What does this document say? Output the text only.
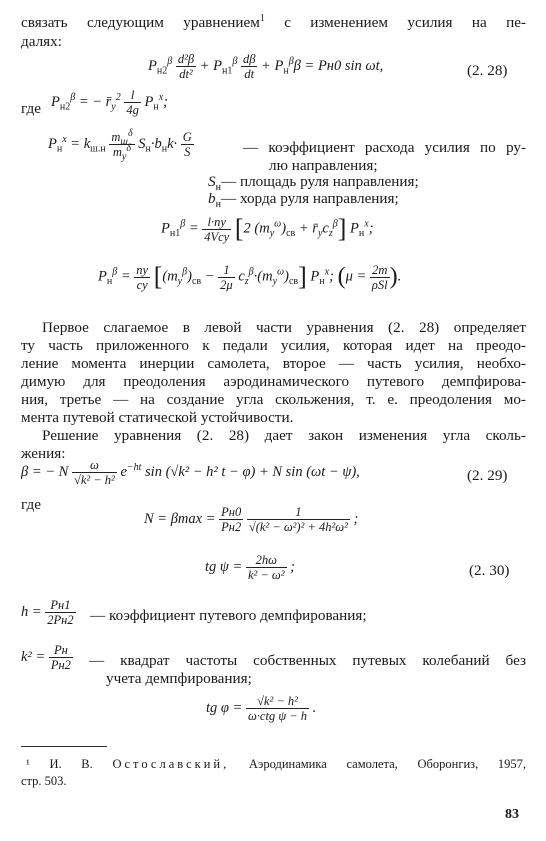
связать следующим уравнением$^1$ с изменением усилия на пе-
далях:
$P_{н2}^\beta \frac{\text{d²β}}{\text{dt²}} + P_{н1}^\beta \frac{d\beta}{dt} + P_н^\beta\beta = Pн0$ sin ωt,	(2. 28)
где $P_{н2}^\beta$ = − $r̄_y^2 \frac{l}{4g} P_н^x$;
$P_н^x = k_{ш.н}$
$m_ш^\delta$
$m_y^\delta$ $S_н\cdot b_нk\cdot \frac{G}{S}$	— коэффициент расхода усилия по ру-
лю направления;
$S_н—$ площадь руля направления;
$b_н—$ хорда руля направления;
$P_{н1}^\beta = l\cdot ny$
4Vcy [2 $(m_y^\omega)_{св}$ + $r̄_yc_z^\beta$] $P_н^x$;
$P_н^\beta = \frac{ny}{cy} [(m_y^\beta)_{св} - \frac{1}{2\mu} c_z^\beta\cdot(m_y^\omega)_{св}]$ $P_н^x$; (μ = 2m
ρSl ).
Первое слагаемое в левой части уравнения (2. 28) определяет
ту часть приложенного к педали усилия, которая идет на преодо-
ление момента инерции самолета, второе — часть усилия, необхо-
димую для преодоления аэродинамического путевого демпфирова-
ния, третье — на создание угла скольжения, т. е. преодоления мо-
мента путевой статической устойчивости.
Решение уравнения (2. 28) дает закон изменения угла сколь-
жения:
β = − N $\frac{\omega}{\text{√k² − h²}} e^{-ht}$ sin (√k² − h² t − φ) + N sin (ωt − ψ),	(2. 29)
где
N = βmax = Pн0
Pн2
$\frac{1}{\text{√(k² − ω²)² + 4h²ω²}}$ ;
tg $\psi = \frac{2h\omega}{\text{k² − ω²}}$ ;	(2. 30)
h = Pн1
2Pн2 — коэффициент путевого демпфирования;
k² = Pн
Pн2 — квадрат частоты собственных путевых колебаний без
учета демпфирования;
tg φ =	√k² − h²
ω·ctg ψ − h
.
¹ И. В. Остославский, Аэродинамика самолета, Оборонгиз, 1957,
стр. 503.
83
